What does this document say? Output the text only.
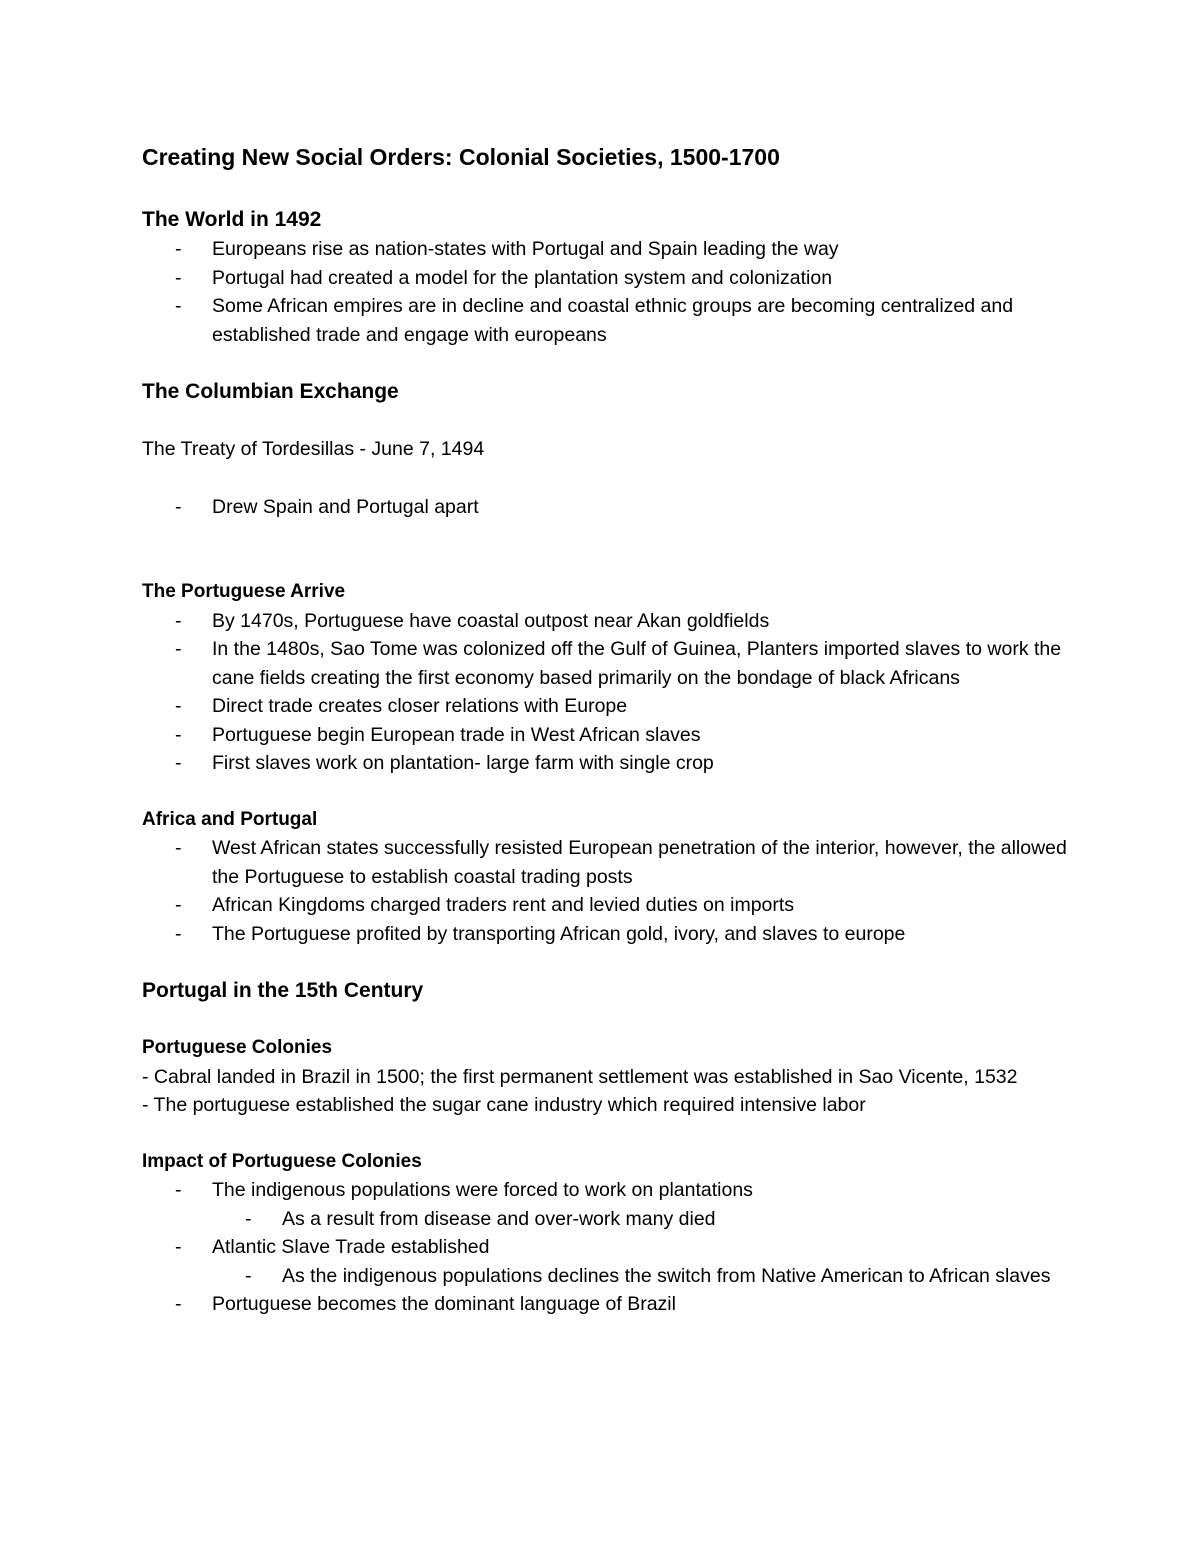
Creating New Social Orders: Colonial Societies, 1500-1700
The World in 1492
- Europeans rise as nation-states with Portugal and Spain leading the way
- Portugal had created a model for the plantation system and colonization
- Some African empires are in decline and coastal ethnic groups are becoming centralized and established trade and engage with europeans
The Columbian Exchange

The Treaty of Tordesillas - June 7, 1494

- Drew Spain and Portugal apart
The Portuguese Arrive
- By 1470s, Portuguese have coastal outpost near Akan goldfields
- In the 1480s, Sao Tome was colonized off the Gulf of Guinea, Planters imported slaves to work the cane fields creating the first economy based primarily on the bondage of black Africans
- Direct trade creates closer relations with Europe
- Portuguese begin European trade in West African slaves
- First slaves work on plantation- large farm with single crop
Africa and Portugal
- West African states successfully resisted European penetration of the interior, however, the allowed the Portuguese to establish coastal trading posts
- African Kingdoms charged traders rent and levied duties on imports
- The Portuguese profited by transporting African gold, ivory, and slaves to europe
Portugal in the 15th Century
Portuguese Colonies

- Cabral landed in Brazil in 1500; the first permanent settlement was established in Sao Vicente, 1532

- The portuguese established the sugar cane industry which required intensive labor

Impact of Portuguese Colonies
- The indigenous populations were forced to work on plantations
- As a result from disease and over-work many died
- Atlantic Slave Trade established
- As the indigenous populations declines the switch from Native American to African slaves
- Portuguese becomes the dominant language of Brazil
